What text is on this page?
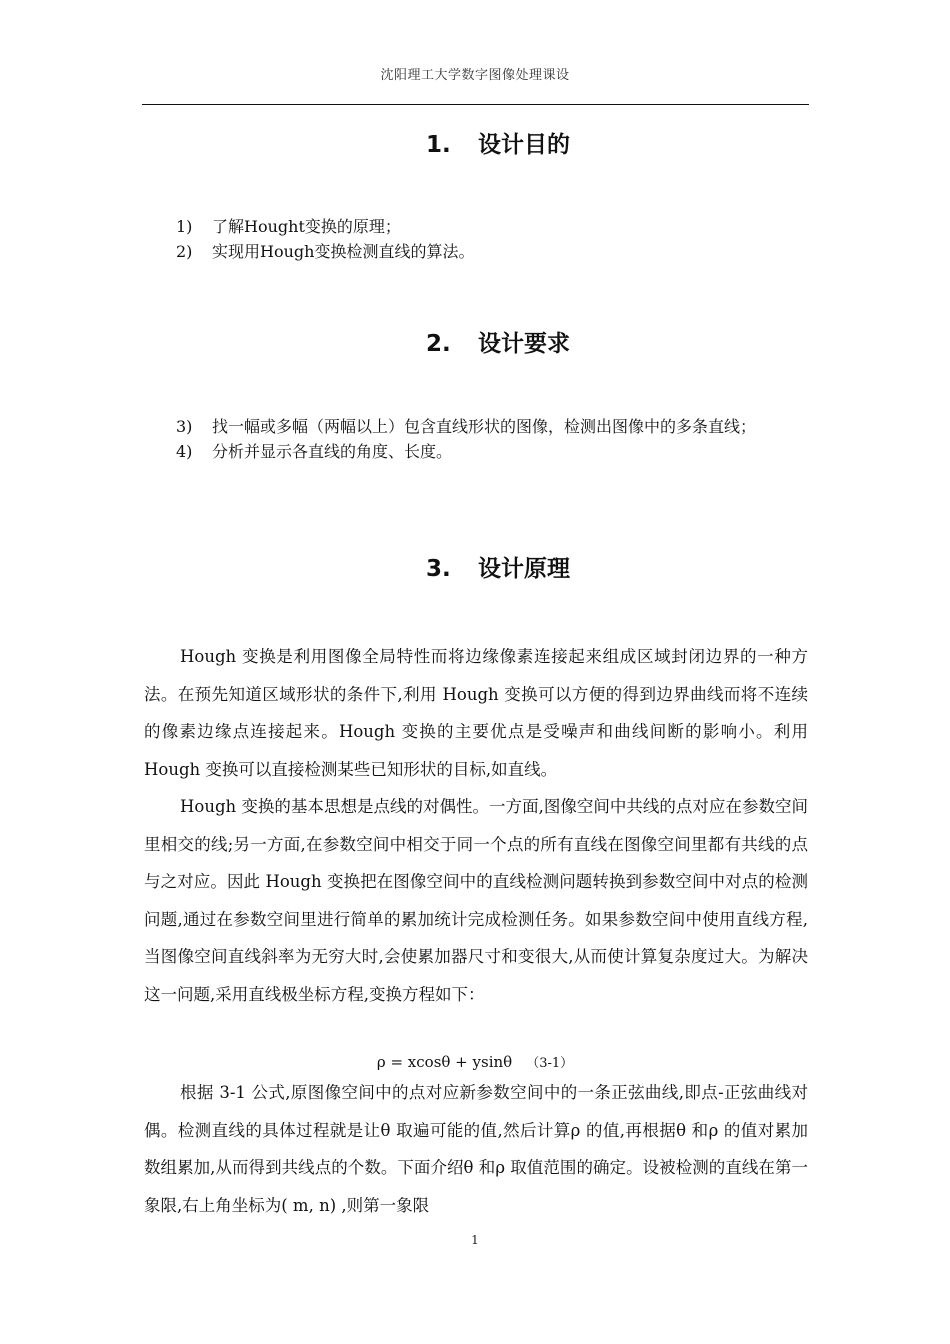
沈阳理工大学数字图像处理课设
1. 设计目的
1) 了解Hought变换的原理；
2) 实现用Hough变换检测直线的算法。
2. 设计要求
3) 找一幅或多幅（两幅以上）包含直线形状的图像，检测出图像中的多条直线；
4) 分析并显示各直线的角度、长度。
3. 设计原理

Hough 变换是利用图像全局特性而将边缘像素连接起来组成区域封闭边界的一种方法。在预先知道区域形状的条件下,利用 Hough 变换可以方便的得到边界曲线而将不连续的像素边缘点连接起来。Hough 变换的主要优点是受噪声和曲线间断的影响小。利用 Hough 变换可以直接检测某些已知形状的目标,如直线。

Hough 变换的基本思想是点线的对偶性。一方面,图像空间中共线的点对应在参数空间里相交的线;另一方面,在参数空间中相交于同一个点的所有直线在图像空间里都有共线的点与之对应。因此 Hough 变换把在图像空间中的直线检测问题转换到参数空间中对点的检测问题,通过在参数空间里进行简单的累加统计完成检测任务。如果参数空间中使用直线方程,当图像空间直线斜率为无穷大时,会使累加器尺寸和变很大,从而使计算复杂度过大。为解决这一问题,采用直线极坐标方程,变换方程如下：

ρ = xcosθ + ysinθ （3-1）

根据 3-1 公式,原图像空间中的点对应新参数空间中的一条正弦曲线,即点-正弦曲线对偶。检测直线的具体过程就是让θ 取遍可能的值,然后计算ρ 的值,再根据θ 和ρ 的值对累加数组累加,从而得到共线点的个数。下面介绍θ 和ρ 取值范围的确定。设被检测的直线在第一象限,右上角坐标为( m, n) ,则第一象限

1
